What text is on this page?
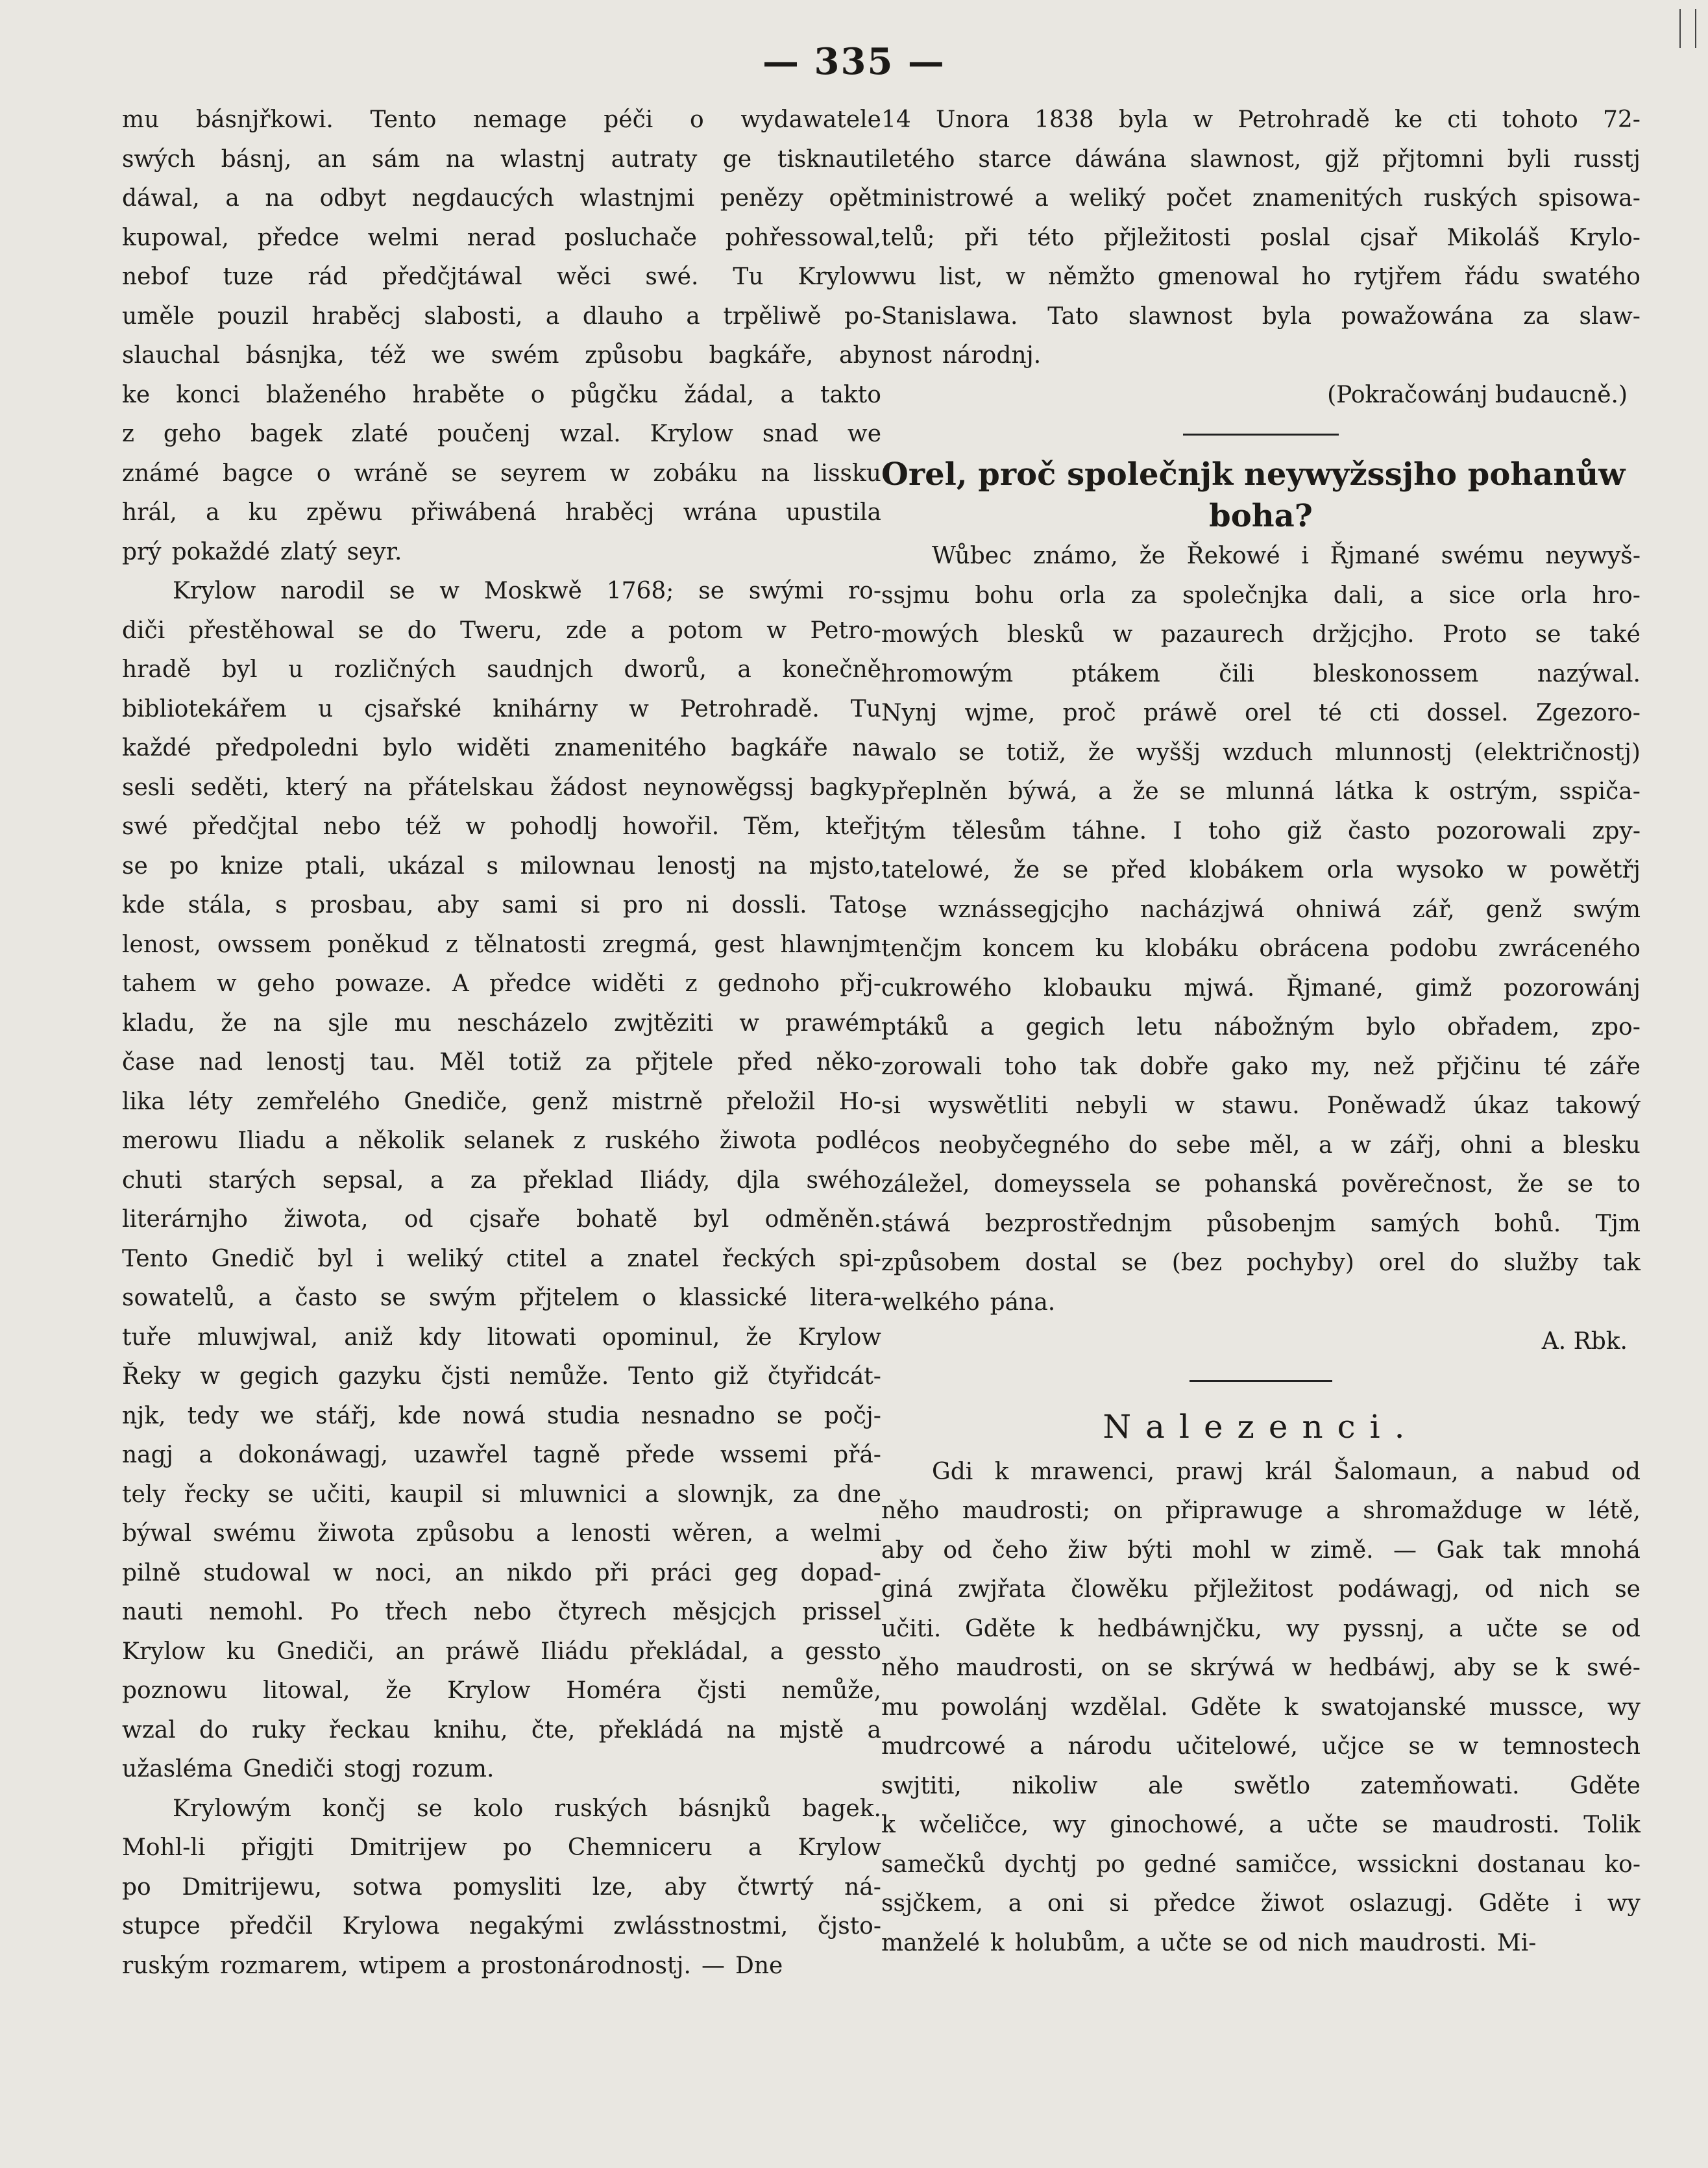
— 335 —
mu básnjřkowi. Tento nemage péči o wydawatele
swých básnj, an sám na wlastnj autraty ge tisknauti
dáwal, a na odbyt negdaucých wlastnjmi penězy opět
kupowal, předce welmi nerad posluchače pohřessowal,
nebof tuze rád předčjtáwal wěci swé. Tu Krylow
uměle pouzil hraběcj slabosti, a dlauho a trpěliwě po-
slauchal básnjka, též we swém způsobu bagkáře, aby
ke konci blaženého hraběte o půgčku žádal, a takto
z geho bagek zlaté poučenj wzal. Krylow snad we
známé bagce o wráně se seyrem w zobáku na lissku
hrál, a ku zpěwu přiwábená hraběcj wrána upustila
prý pokaždé zlatý seyr.
Krylow narodil se w Moskwě 1768; se swými ro-
diči přestěhowal se do Tweru, zde a potom w Petro-
hradě byl u rozličných saudnjch dworů, a konečně
bibliotekářem u cjsařské knihárny w Petrohradě. Tu
každé předpoledni bylo widěti znamenitého bagkáře na
sesli seděti, který na přátelskau žádost neynowěgssj bagky
swé předčjtal nebo též w pohodlj howořil. Těm, kteřj
se po knize ptali, ukázal s milownau lenostj na mjsto,
kde stála, s prosbau, aby sami si pro ni dossli. Tato
lenost, owssem poněkud z tělnatosti zregmá, gest hlawnjm
tahem w geho powaze. A předce widěti z gednoho přj-
kladu, že na sjle mu nescházelo zwjtěziti w prawém
čase nad lenostj tau. Měl totiž za přjtele před něko-
lika léty zemřelého Gnediče, genž mistrně přeložil Ho-
merowu Iliadu a několik selanek z ruského žiwota podlé
chuti starých sepsal, a za překlad Iliády, djla swého
literárnjho žiwota, od cjsaře bohatě byl odměněn.
Tento Gnedič byl i weliký ctitel a znatel řeckých spi-
sowatelů, a často se swým přjtelem o klassické litera-
tuře mluwjwal, aniž kdy litowati opominul, že Krylow
Řeky w gegich gazyku čjsti nemůže. Tento giž čtyřidcát-
njk, tedy we stářj, kde nowá studia nesnadno se počj-
nagj a dokonáwagj, uzawřel tagně přede wssemi přá-
tely řecky se učiti, kaupil si mluwnici a slownjk, za dne
býwal swému žiwota způsobu a lenosti wěren, a welmi
pilně studowal w noci, an nikdo při práci geg dopad-
nauti nemohl. Po třech nebo čtyrech měsjcjch prissel
Krylow ku Gnediči, an práwě Iliádu překládal, a gessto
poznowu litowal, že Krylow Homéra čjsti nemůže,
wzal do ruky řeckau knihu, čte, překládá na mjstě a
užasléma Gnediči stogj rozum.
Krylowým končj se kolo ruských básnjků bagek.
Mohl-li přigjti Dmitrijew po Chemniceru a Krylow
po Dmitrijewu, sotwa pomysliti lze, aby čtwrtý ná-
stupce předčil Krylowa negakými zwlásstnostmi, čjsto-
ruským rozmarem, wtipem a prostonárodnostj. — Dne
14 Unora 1838 byla w Petrohradě ke cti tohoto 72-
letého starce dáwána slawnost, gjž přjtomni byli russtj
ministrowé a weliký počet znamenitých ruských spisowa-
telů; při této přjležitosti poslal cjsař Mikoláš Krylo-
wu list, w němžto gmenowal ho rytjřem řádu swatého
Stanislawa. Tato slawnost byla powažowána za slaw-
nost národnj.
(Pokračowánj budaucně.)
Orel, proč společnjk neywyžssjho pohanůw
boha?
Wůbec známo, že Řekowé i Řjmané swému neywyš-
ssjmu bohu orla za společnjka dali, a sice orla hro-
mowých blesků w pazaurech držjcjho. Proto se také
hromowým	ptákem	čili	bleskonossem	nazýwal.
Nynj wjme, proč práwě orel té cti dossel. Zgezoro-
walo se totiž, že wyššj wzduch mlunnostj (električnostj)
přeplněn býwá, a že se mlunná látka k ostrým, sspiča-
tým tělesům táhne. I toho giž často pozorowali zpy-
tatelowé, že se před klobákem orla wysoko w powětřj
se wznássegjcjho nacházjwá ohniwá zář, genž swým
tenčjm koncem ku klobáku obrácena podobu zwráceného
cukrowého klobauku mjwá. Řjmané, gimž pozorowánj
ptáků a gegich letu nábožným bylo obřadem, zpo-
zorowali toho tak dobře gako my, než přjčinu té záře
si wyswětliti nebyli w stawu. Poněwadž úkaz takowý
cos neobyčegného do sebe měl, a w zářj, ohni a blesku
záležel, domeyssela se pohanská pověrečnost, že se to
stáwá bezprostřednjm působenjm samých bohů. Tjm
způsobem dostal se (bez pochyby) orel do služby tak
welkého pána.
A. Rbk.
Nalezenci.
Gdi k mrawenci, prawj král Šalomaun, a nabud od
něho maudrosti; on připrawuge a shromažduge w létě,
aby od čeho žiw býti mohl w zimě. — Gak tak mnohá
giná zwjřata člowěku přjležitost podáwagj, od nich se
učiti. Gděte k hedbáwnjčku, wy pyssnj, a učte se od
něho maudrosti, on se skrýwá w hedbáwj, aby se k swé-
mu powolánj wzdělal. Gděte k swatojanské mussce, wy
mudrcowé a národu učitelowé, učjce se w temnostech
swjtiti, nikoliw ale swětlo zatemňowati. Gděte
k wčeličce, wy ginochowé, a učte se maudrosti. Tolik
samečků dychtj po gedné samičce, wssickni dostanau ko-
ssjčkem, a oni si předce žiwot oslazugj. Gděte i wy
manželé k holubům, a učte se od nich maudrosti. Mi-
